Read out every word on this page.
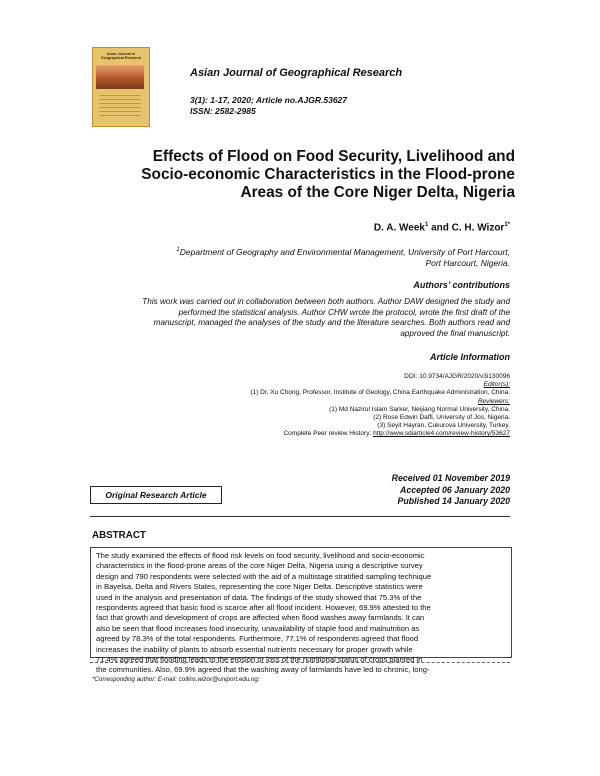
Asian Journal of Geographical Research
Asian Journal of Geographical Research
3(1): 1-17, 2020; Article no.AJGR.53627
ISSN: 2582-2985
Effects of Flood on Food Security, Livelihood and
Socio-economic Characteristics in the Flood-prone
Areas of the Core Niger Delta, Nigeria
D. A. Week$^1$ and C. H. Wizor$^{1*}$
$^1$Department of Geography and Environmental Management, University of Port Harcourt,
Port Harcourt, Nigeria.
Authors’ contributions
This work was carried out in collaboration between both authors. Author DAW designed the study and
performed the statistical analysis. Author CHW wrote the protocol, wrote the first draft of the
manuscript, managed the analyses of the study and the literature searches. Both authors read and
approved the final manuscript.
Article Information
DOI: 10.9734/AJGR/2020/v3i130096
Editor(s):
(1) Dr. Xu Chong, Professor, Institute of Geology, China Earthquake Administration, China.
Reviewers:
(1) Md Nazirul Islam Sarker, Neijiang Normal University, China.
(2) Rose Edwin Daffi, University of Jos, Nigeria.
(3) Seyit Hayran, Cukurova University, Turkey.
Complete Peer review History: http://www.sdiarticle4.com/review-history/53627
Received 01 November 2019
Accepted 06 January 2020
Published 14 January 2020
Original Research Article
ABSTRACT
The study examined the effects of flood risk levels on food security, livelihood and socio-economic
characteristics in the flood-prone areas of the core Niger Delta, Nigeria using a descriptive survey
design and 790 respondents were selected with the aid of a multistage stratified sampling technique
in Bayelsa, Delta and Rivers States, representing the core Niger Delta. Descriptive statistics were
used in the analysis and presentation of data. The findings of the study showed that 75.3% of the
respondents agreed that basic food is scarce after all flood incident. However, 69.9% attested to the
fact that growth and development of crops are affected when flood washes away farmlands. It can
also be seen that flood increases food insecurity, unavailability of staple food and malnutrition as
agreed by 78.3% of the total respondents. Furthermore, 77.1% of respondents agreed that flood
increases the inability of plants to absorb essential nutrients necessary for proper growth while
71.4% agreed that flooding leads to the erosion or loss of the nutritional status of crops planted in
the communities. Also, 69.9% agreed that the washing away of farmlands have led to chronic, long-
*Corresponding author: E-mail: collins.wizor@uniport.edu.ng;
